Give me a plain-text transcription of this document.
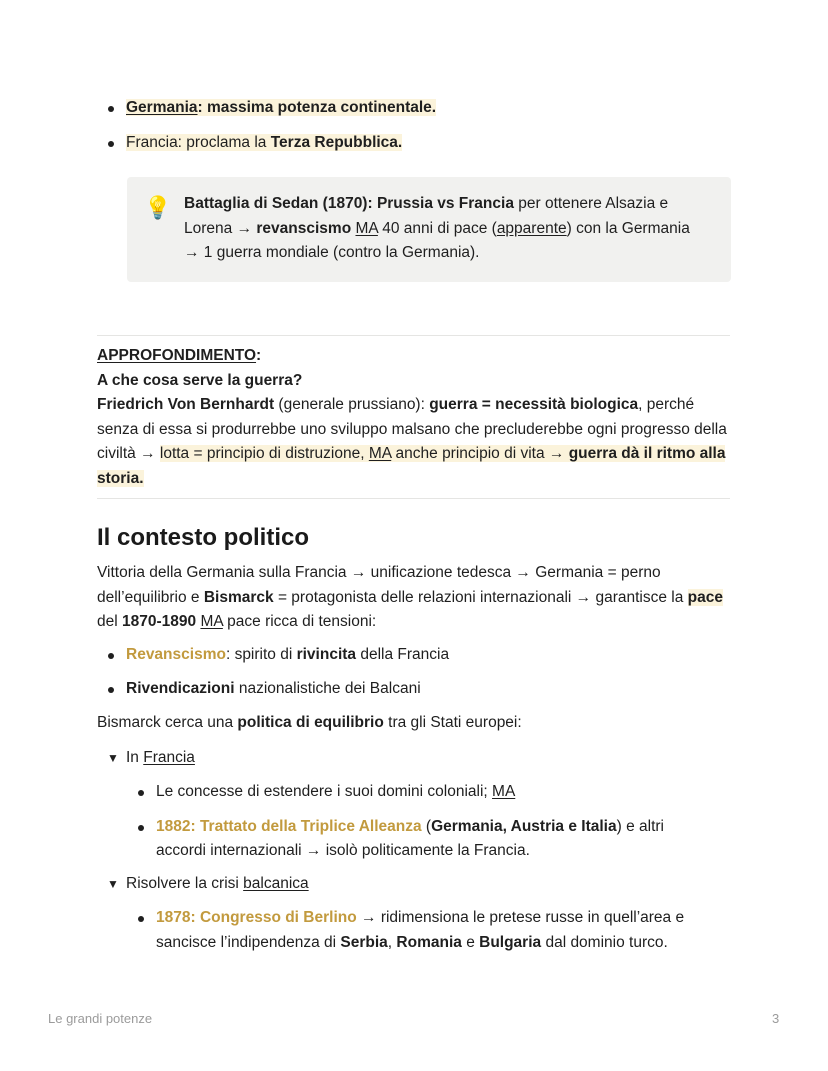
Germania: massima potenza continentale.
Francia: proclama la Terza Repubblica.
💡 Battaglia di Sedan (1870): Prussia vs Francia per ottenere Alsazia e Lorena → revanscismo MA 40 anni di pace (apparente) con la Germania → 1 guerra mondiale (contro la Germania).
APPROFONDIMENTO:
A che cosa serve la guerra?
Friedrich Von Bernhardt (generale prussiano): guerra = necessità biologica, perché senza di essa si produrrebbe uno sviluppo malsano che precluderebbe ogni progresso della civiltà → lotta = principio di distruzione, MA anche principio di vita → guerra dà il ritmo alla storia.
Il contesto politico

Vittoria della Germania sulla Francia → unificazione tedesca → Germania = perno dell’equilibrio e Bismarck = protagonista delle relazioni internazionali → garantisce la pace del 1870-1890 MA pace ricca di tensioni:

Revanscismo: spirito di rivincita della Francia
Rivendicazioni nazionalistiche dei Balcani

Bismarck cerca una politica di equilibrio tra gli Stati europei:

▼ In Francia
Le concesse di estendere i suoi domini coloniali; MA
1882: Trattato della Triplice Alleanza (Germania, Austria e Italia) e altri accordi internazionali → isolò politicamente la Francia.
▼ Risolvere la crisi balcanica
1878: Congresso di Berlino → ridimensiona le pretese russe in quell’area e sancisce l’indipendenza di Serbia, Romania e Bulgaria dal dominio turco.
Le grandi potenze	3
